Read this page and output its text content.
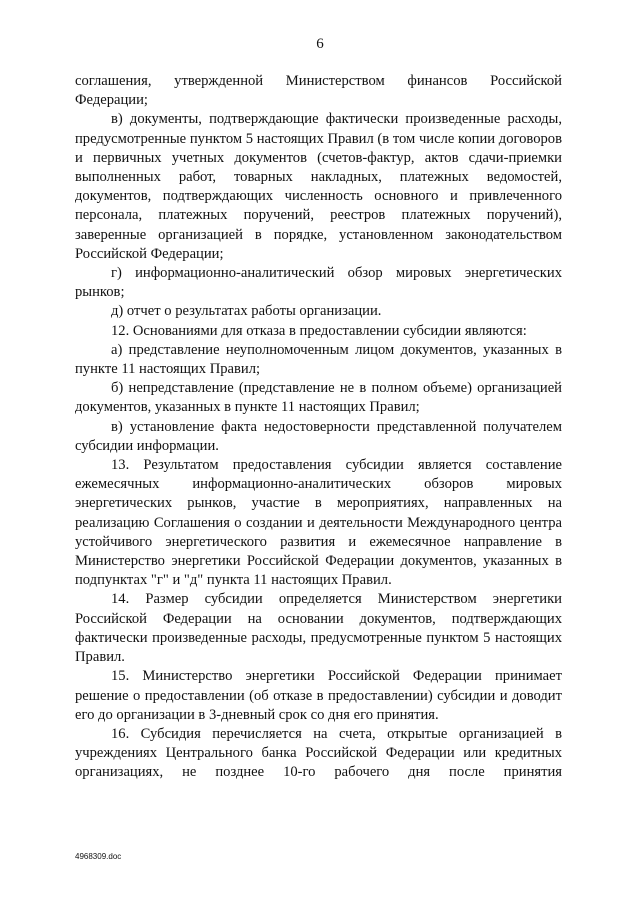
6

соглашения, утвержденной Министерством финансов Российской Федерации;

в) документы, подтверждающие фактически произведенные расходы, предусмотренные пунктом 5 настоящих Правил (в том числе копии договоров и первичных учетных документов (счетов-фактур, актов сдачи-приемки выполненных работ, товарных накладных, платежных ведомостей, документов, подтверждающих численность основного и привлеченного персонала, платежных поручений, реестров платежных поручений), заверенные организацией в порядке, установленном законодательством Российской Федерации;

г) информационно-аналитический обзор мировых энергетических рынков;

д) отчет о результатах работы организации.

12. Основаниями для отказа в предоставлении субсидии являются:

а) представление неуполномоченным лицом документов, указанных в пункте 11 настоящих Правил;

б) непредставление (представление не в полном объеме) организацией документов, указанных в пункте 11 настоящих Правил;

в) установление факта недостоверности представленной получателем субсидии информации.

13. Результатом предоставления субсидии является составление ежемесячных информационно-аналитических обзоров мировых энергетических рынков, участие в мероприятиях, направленных на реализацию Соглашения о создании и деятельности Международного центра устойчивого энергетического развития и ежемесячное направление в Министерство энергетики Российской Федерации документов, указанных в подпунктах "г" и "д" пункта 11 настоящих Правил.

14. Размер субсидии определяется Министерством энергетики Российской Федерации на основании документов, подтверждающих фактически произведенные расходы, предусмотренные пунктом 5 настоящих Правил.

15. Министерство энергетики Российской Федерации принимает решение о предоставлении (об отказе в предоставлении) субсидии и доводит его до организации в 3-дневный срок со дня его принятия.

16. Субсидия перечисляется на счета, открытые организацией в учреждениях Центрального банка Российской Федерации или кредитных организациях, не позднее 10-го рабочего дня после принятия

4968309.doc
